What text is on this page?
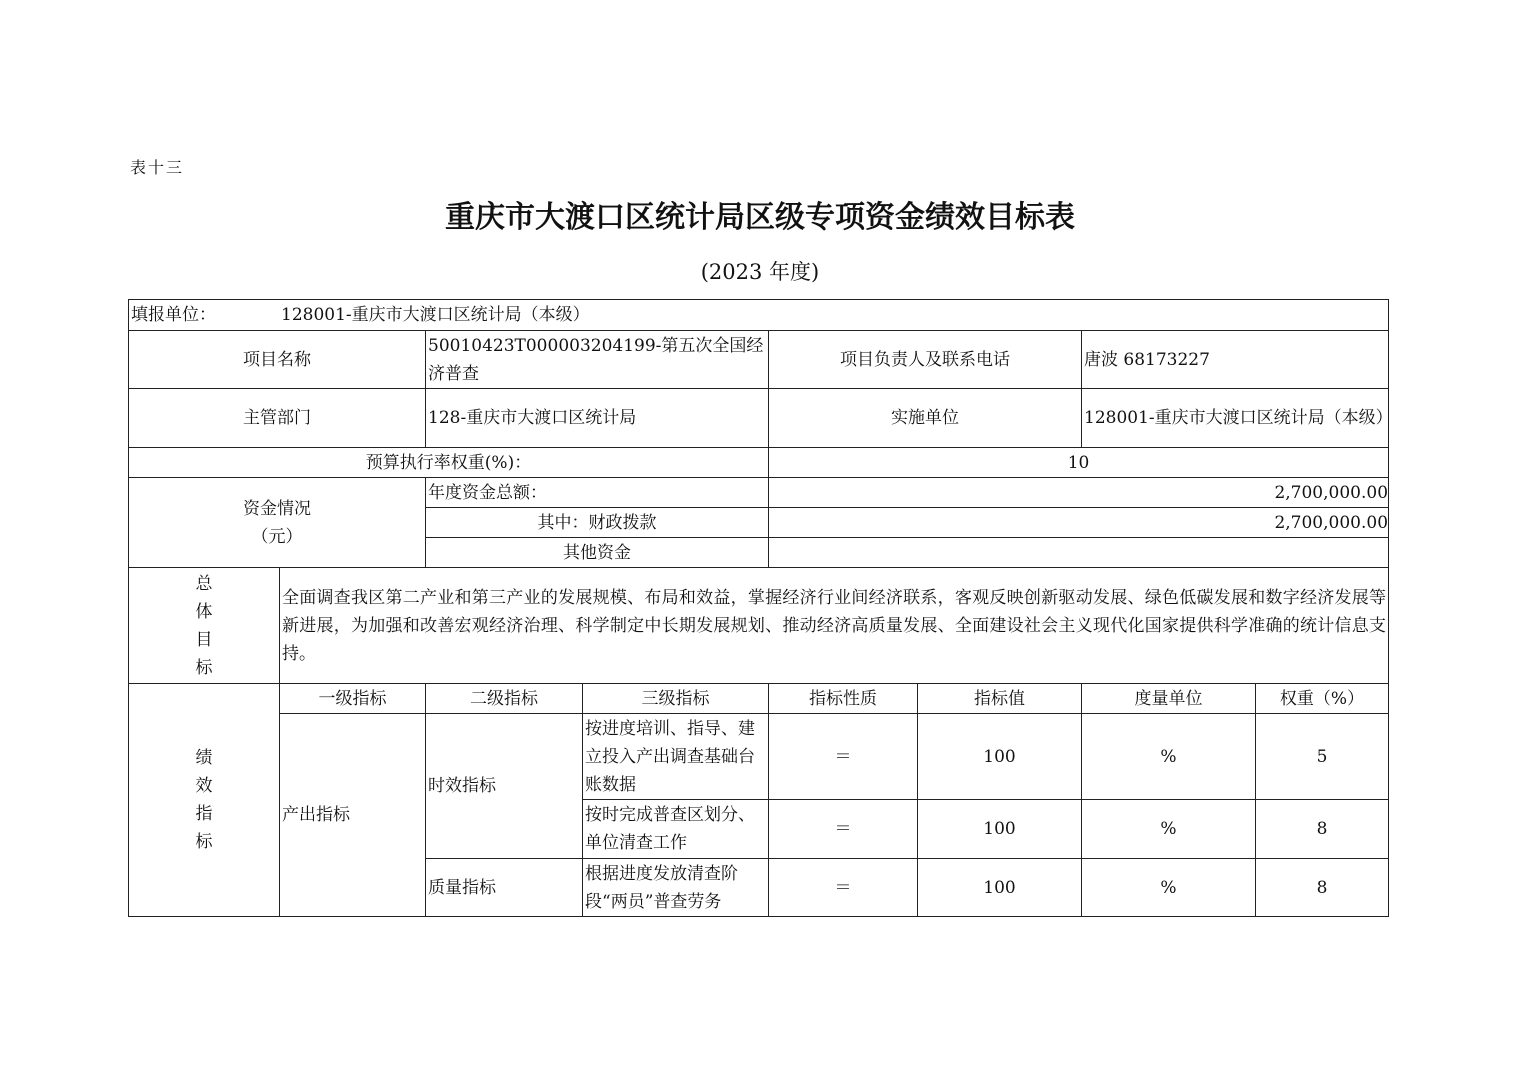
表十三
重庆市大渡口区统计局区级专项资金绩效目标表
(2023 年度)
填报单位： 128001-重庆市大渡口区统计局（本级）							
项目名称		50010423T000003204199-第五次全国经济普查		项目负责人及联系电话		唐波 68173227	
主管部门		128-重庆市大渡口区统计局		实施单位		128001-重庆市大渡口区统计局（本级）	
预算执行率权重(%)：				10			

资金情况
（元）		年度资金总额：		2,700,000.00			
		其中：财政拨款		2,700,000.00			
		其他资金					

总
体
目
标	全面调查我区第二产业和第三产业的发展规模、布局和效益，掌握经济行业间经济联系，客观反映创新驱动发展、绿色低碳发展和数字经济发展等新进展，为加强和改善宏观经济治理、科学制定中长期发展规划、推动经济高质量发展、全面建设社会主义现代化国家提供科学准确的统计信息支持。						

绩
效
指
标	一级指标	二级指标	三级指标	指标性质	指标值	度量单位	权重（%）
	产出指标	时效指标	按进度培训、指导、建立投入产出调查基础台账数据	＝	100	%	5
			按时完成普查区划分、单位清查工作	＝	100	%	8
		质量指标	根据进度发放清查阶段“两员”普查劳务	＝	100	%	8
